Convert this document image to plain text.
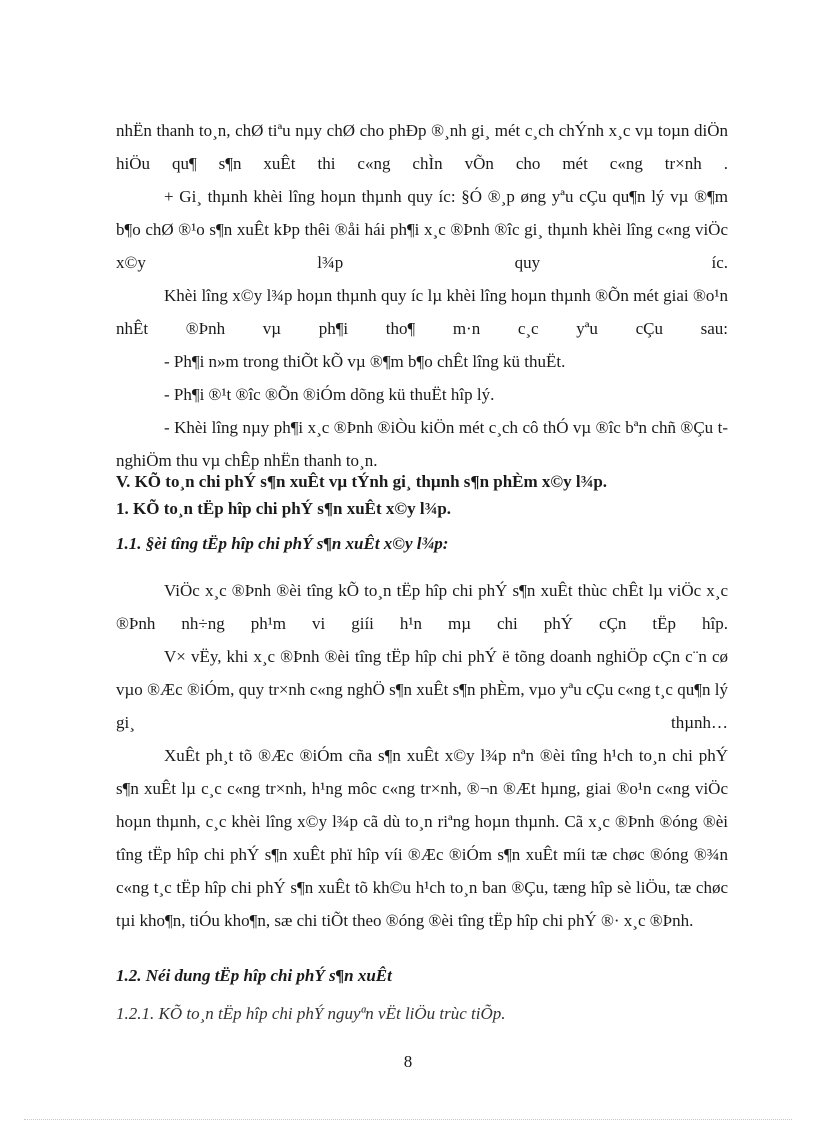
nhËn thanh to¸n, chØ tiªu nµy chØ cho phÐp ®¸nh gi¸ mét c¸ch chÝnh x¸c vµ toµn diÖn hiÖu qu¶ s¶n xuÊt thi c«ng chÌn vÕn cho mét c«ng tr×nh .

+ Gi¸ thµnh khèi lîng hoµn thµnh quy íc: §Ó ®¸p øng yªu cÇu qu¶n lý vµ ®¶m b¶o chØ ®¹o s¶n xuÊt kÞp thêi ®åi hái ph¶i x¸c ®Þnh ®îc gi¸ thµnh khèi lîng c«ng viÖc x©y l¾p quy íc.

Khèi lîng x©y l¾p hoµn thµnh quy íc lµ khèi lîng hoµn thµnh ®Õn mét giai ®o¹n nhÊt ®Þnh vµ ph¶i tho¶ m·n c¸c yªu cÇu sau:

- Ph¶i n»m trong thiÕt kÕ vµ ®¶m b¶o chÊt lîng kü thuËt.

- Ph¶i ®¹t ®îc ®Õn ®iÓm dõng kü thuËt hîp lý.

- Khèi lîng nµy ph¶i x¸c ®Þnh ®iÒu kiÖn mét c¸ch cô thÓ vµ ®îc bªn chñ ®Çu t nghiÖm thu vµ chÊp nhËn thanh to¸n.

V. KÕ to¸n chi phÝ s¶n xuÊt vµ tÝnh gi¸ thµnh s¶n phÈm x©y l¾p.

1. KÕ to¸n tËp hîp chi phÝ s¶n xuÊt x©y l¾p.

1.1. §èi tîng tËp hîp chi phÝ s¶n xuÊt x©y l¾p:

ViÖc x¸c ®Þnh ®èi tîng kÕ to¸n tËp hîp chi phÝ s¶n xuÊt thùc chÊt lµ viÖc x¸c ®Þnh nh÷ng ph¹m vi giíi h¹n mµ chi phÝ cÇn tËp hîp.

V× vËy, khi x¸c ®Þnh ®èi tîng tËp hîp chi phÝ ë tõng doanh nghiÖp cÇn c¨n cø vµo ®Æc ®iÓm, quy tr×nh c«ng nghÖ s¶n xuÊt s¶n phÈm, vµo yªu cÇu c«ng t¸c qu¶n lý gi¸ thµnh…

XuÊt ph¸t tõ ®Æc ®iÓm cña s¶n xuÊt x©y l¾p nªn ®èi tîng h¹ch to¸n chi phÝ s¶n xuÊt lµ c¸c c«ng tr×nh, h¹ng môc c«ng tr×nh, ®¬n ®Æt hµng, giai ®o¹n c«ng viÖc hoµn thµnh, c¸c khèi lîng x©y l¾p cã dù to¸n riªng hoµn thµnh. Cã x¸c ®Þnh ®óng ®èi tîng tËp hîp chi phÝ s¶n xuÊt phï hîp víi ®Æc ®iÓm s¶n xuÊt míi tæ chøc ®óng ®¾n c«ng t¸c tËp hîp chi phÝ s¶n xuÊt tõ kh©u h¹ch to¸n ban ®Çu, tæng hîp sè liÖu, tæ chøc tµi kho¶n, tiÓu kho¶n, sæ chi tiÕt theo ®óng ®èi tîng tËp hîp chi phÝ ®· x¸c ®Þnh.

1.2. Néi dung tËp hîp chi phÝ s¶n xuÊt

1.2.1. KÕ to¸n tËp hîp chi phÝ nguyªn vËt liÖu trùc tiÕp.

8
